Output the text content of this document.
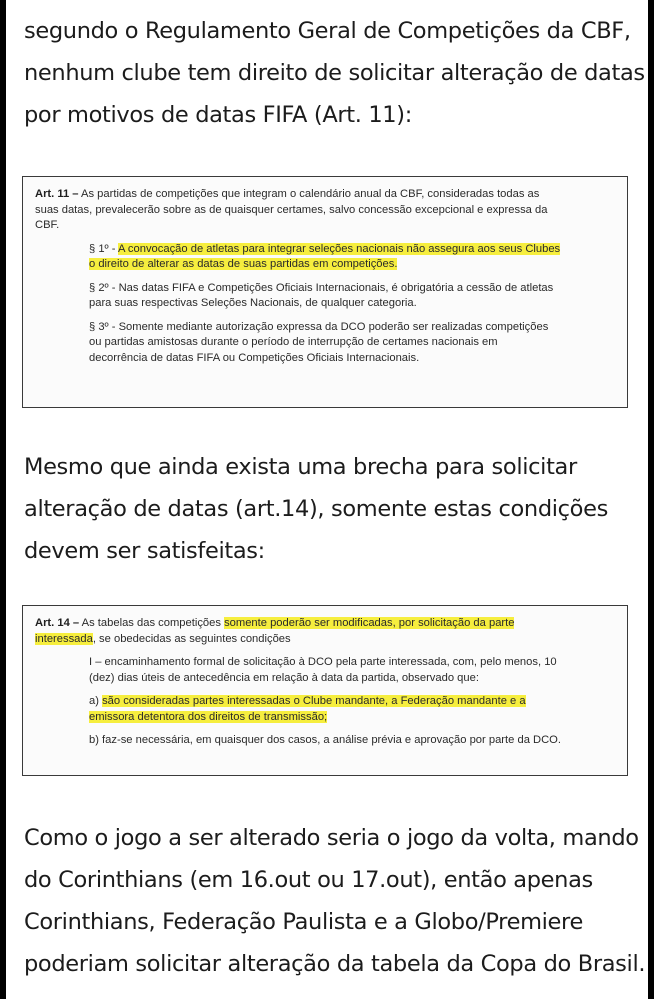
segundo o Regulamento Geral de Competições da CBF,
nenhum clube tem direito de solicitar alteração de datas
por motivos de datas FIFA (Art. 11):
Art. 11 – As partidas de competições que integram o calendário anual da CBF, consideradas todas as
suas datas, prevalecerão sobre as de quaisquer certames, salvo concessão excepcional e expressa da
CBF.
§ 1º - A convocação de atletas para integrar seleções nacionais não assegura aos seus Clubes
o direito de alterar as datas de suas partidas em competições.
§ 2º - Nas datas FIFA e Competições Oficiais Internacionais, é obrigatória a cessão de atletas
para suas respectivas Seleções Nacionais, de qualquer categoria.
§ 3º - Somente mediante autorização expressa da DCO poderão ser realizadas competições
ou partidas amistosas durante o período de interrupção de certames nacionais em
decorrência de datas FIFA ou Competições Oficiais Internacionais.
Mesmo que ainda exista uma brecha para solicitar
alteração de datas (art.14), somente estas condições
devem ser satisfeitas:
Art. 14 – As tabelas das competições somente poderão ser modificadas, por solicitação da parte
interessada, se obedecidas as seguintes condições
I – encaminhamento formal de solicitação à DCO pela parte interessada, com, pelo menos, 10
(dez) dias úteis de antecedência em relação à data da partida, observado que:
a) são consideradas partes interessadas o Clube mandante, a Federação mandante e a
emissora detentora dos direitos de transmissão;
b) faz-se necessária, em quaisquer dos casos, a análise prévia e aprovação por parte da DCO.
Como o jogo a ser alterado seria o jogo da volta, mando
do Corinthians (em 16.out ou 17.out), então apenas
Corinthians, Federação Paulista e a Globo/Premiere
poderiam solicitar alteração da tabela da Copa do Brasil.
